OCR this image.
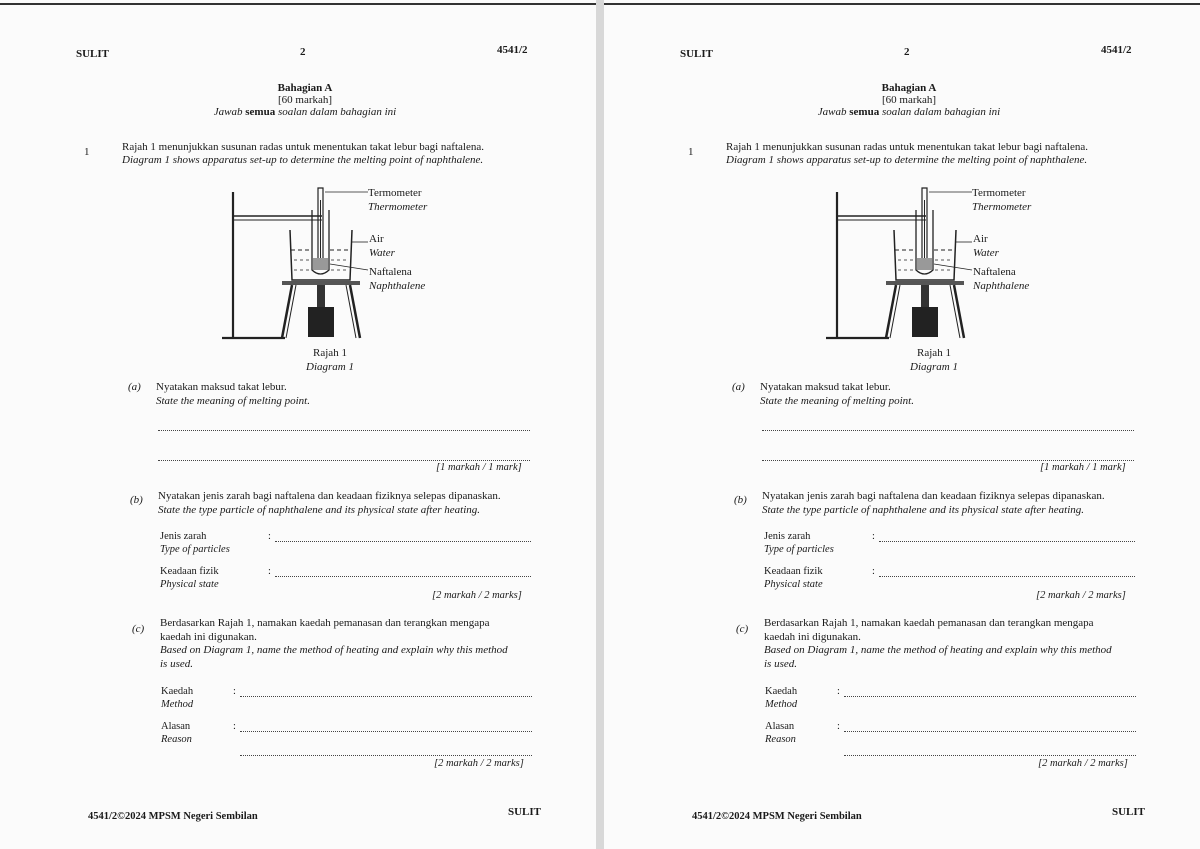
SULIT	2	4541/2
Bahagian A
[60 markah]
Jawab semua soalan dalam bahagian ini
1	Rajah 1 menunjukkan susunan radas untuk menentukan takat lebur bagi naftalena.
Diagram 1 shows apparatus set-up to determine the melting point of naphthalene.
Termometer
Thermometer
Air
Water
Naftalena
Naphthalene
Rajah 1
Diagram 1
(a) Nyatakan maksud takat lebur.
State the meaning of melting point.
[1 markah / 1 mark]
(b) Nyatakan jenis zarah bagi naftalena dan keadaan fiziknya selepas dipanaskan.
State the type particle of naphthalene and its physical state after heating.
Jenis zarah
Type of particles
:
Keadaan fizik
Physical state
:
[2 markah / 2 marks]
(c) Berdasarkan Rajah 1, namakan kaedah pemanasan dan terangkan mengapa
kaedah ini digunakan.
Based on Diagram 1, name the method of heating and explain why this method
is used.
Kaedah
Method
:
Alasan
Reason
:
[2 markah / 2 marks]
4541/2©2024 MPSM Negeri Sembilan	SULIT
SULIT	2	4541/2
Bahagian A
[60 markah]
Jawab semua soalan dalam bahagian ini
1	Rajah 1 menunjukkan susunan radas untuk menentukan takat lebur bagi naftalena.
Diagram 1 shows apparatus set-up to determine the melting point of naphthalene.
Termometer
Thermometer
Air
Water
Naftalena
Naphthalene
Rajah 1
Diagram 1
(a) Nyatakan maksud takat lebur.
State the meaning of melting point.
[1 markah / 1 mark]
(b) Nyatakan jenis zarah bagi naftalena dan keadaan fiziknya selepas dipanaskan.
State the type particle of naphthalene and its physical state after heating.
Jenis zarah
Type of particles
:
Keadaan fizik
Physical state
:
[2 markah / 2 marks]
(c) Berdasarkan Rajah 1, namakan kaedah pemanasan dan terangkan mengapa
kaedah ini digunakan.
Based on Diagram 1, name the method of heating and explain why this method
is used.
Kaedah
Method
:
Alasan
Reason
:
[2 markah / 2 marks]
4541/2©2024 MPSM Negeri Sembilan	SULIT
